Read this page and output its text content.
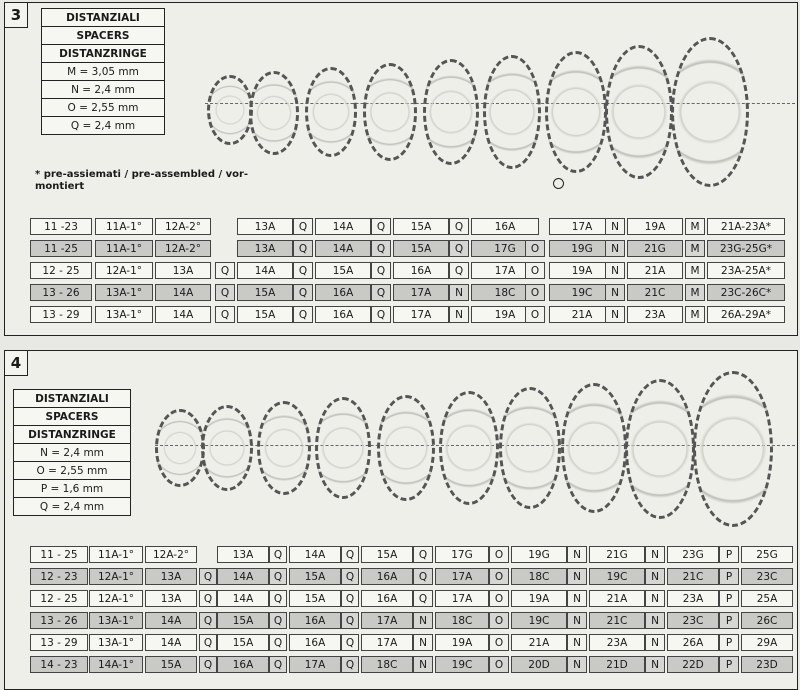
3	DISTANZIALI
SPACERS
DISTANZRINGE
M = 3,05 mm
N = 2,4 mm
O = 2,55 mm
Q = 2,4 mm
* pre-assiemati / pre-assembled / vor-
montiert
11 -23	11A-1°	12A-2°	13A	Q	14A	Q	15A	Q	16A	17A	N	19A	M	21A-23A*
11 -25	11A-1°	12A-2°	13A	Q	14A	Q	15A	Q	17G	O	19G	N	21G	M	23G-25G*
12 - 25	12A-1°	13A	Q	14A	Q	15A	Q	16A	Q	17A	O	19A	N	21A	M	23A-25A*
13 - 26	13A-1°	14A	Q	15A	Q	16A	Q	17A	N	18C	O	19C	N	21C	M	23C-26C*
13 - 29	13A-1°	14A	Q	15A	Q	16A	Q	17A	N	19A	O	21A	N	23A	M	26A-29A*
4
DISTANZIALI
SPACERS
DISTANZRINGE
N = 2,4 mm
O = 2,55 mm
P = 1,6 mm
Q = 2,4 mm
11 - 25	11A-1°	12A-2°	13A	Q	14A	Q	15A	Q	17G	O	19G	N	21G	N	23G	P	25G
12 - 23	12A-1°	13A	Q	14A	Q	15A	Q	16A	Q	17A	O	18C	N	19C	N	21C	P	23C
12 - 25	12A-1°	13A	Q	14A	Q	15A	Q	16A	Q	17A	O	19A	N	21A	N	23A	P	25A
13 - 26	13A-1°	14A	Q	15A	Q	16A	Q	17A	N	18C	O	19C	N	21C	N	23C	P	26C
13 - 29	13A-1°	14A	Q	15A	Q	16A	Q	17A	N	19A	O	21A	N	23A	N	26A	P	29A
14 - 23	14A-1°	15A	Q	16A	Q	17A	Q	18C	N	19C	O	20D	N	21D	N	22D	P	23D
